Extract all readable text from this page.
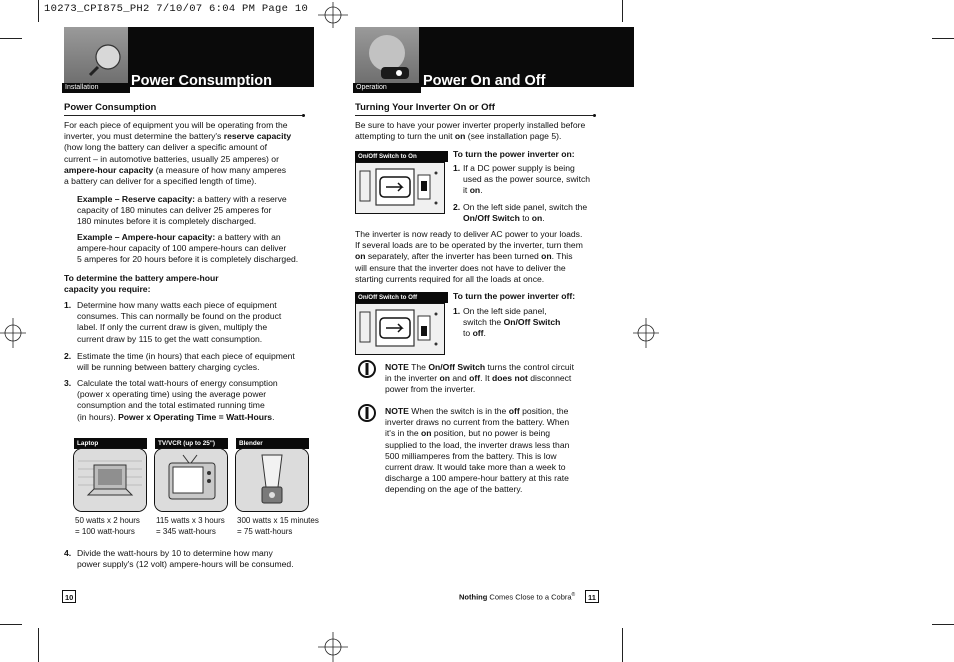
10273_CPI875_PH2 7/10/07 6:04 PM Page 10
Installation	Power Consumption
Power Consumption
For each piece of equipment you will be operating from the
inverter, you must determine the battery's reserve capacity
(how long the battery can deliver a specific amount of
current – in automotive batteries, usually 25 amperes) or
ampere-hour capacity (a measure of how many amperes
a battery can deliver for a specified length of time).
Example – Reserve capacity: a battery with a reserve
capacity of 180 minutes can deliver 25 amperes for
180 minutes before it is completely discharged.
Example – Ampere-hour capacity: a battery with an
ampere-hour capacity of 100 ampere-hours can deliver
5 amperes for 20 hours before it is completely discharged.
To determine the battery ampere-hour
capacity you require:
1. Determine how many watts each piece of equipment
consumes. This can normally be found on the product
label. If only the current draw is given, multiply the
current draw by 115 to get the watt consumption.
2. Estimate the time (in hours) that each piece of equipment
will be running between battery charging cycles.
3. Calculate the total watt-hours of energy consumption
(power x operating time) using the average power
consumption and the total estimated running time
(in hours). Power x Operating Time = Watt-Hours.
Laptop
50 watts x 2 hours
= 100 watt-hours
TV/VCR (up to 25")
115 watts x 3 hours
= 345 watt-hours
Blender
300 watts x 15 minutes
= 75 watt-hours
4. Divide the watt-hours by 10 to determine how many
power supply's (12 volt) ampere-hours will be consumed.
10
Operation	Power On and Off
Turning Your Inverter On or Off
Be sure to have your power inverter properly installed before
attempting to turn the unit on (see installation page 5).
On/Off Switch to On	To turn the power inverter on:
1. If a DC power supply is being
used as the power source, switch
it on.
2. On the left side panel, switch the
On/Off Switch to on.
The inverter is now ready to deliver AC power to your loads.
If several loads are to be operated by the inverter, turn them
on separately, after the inverter has been turned on. This
will ensure that the inverter does not have to deliver the
starting currents required for all the loads at once.
On/Off Switch to Off	To turn the power inverter off:
1. On the left side panel,
switch the On/Off Switch
to off.
NOTE The On/Off Switch turns the control circuit
in the inverter on and off. It does not disconnect
power from the inverter.
NOTE When the switch is in the off position, the
inverter draws no current from the battery. When
it's in the on position, but no power is being
supplied to the load, the inverter draws less than
500 milliamperes from the battery. This is low
current draw. It would take more than a week to
discharge a 100 ampere-hour battery at this rate
depending on the age of the battery.
Nothing Comes Close to a Cobra®	11
